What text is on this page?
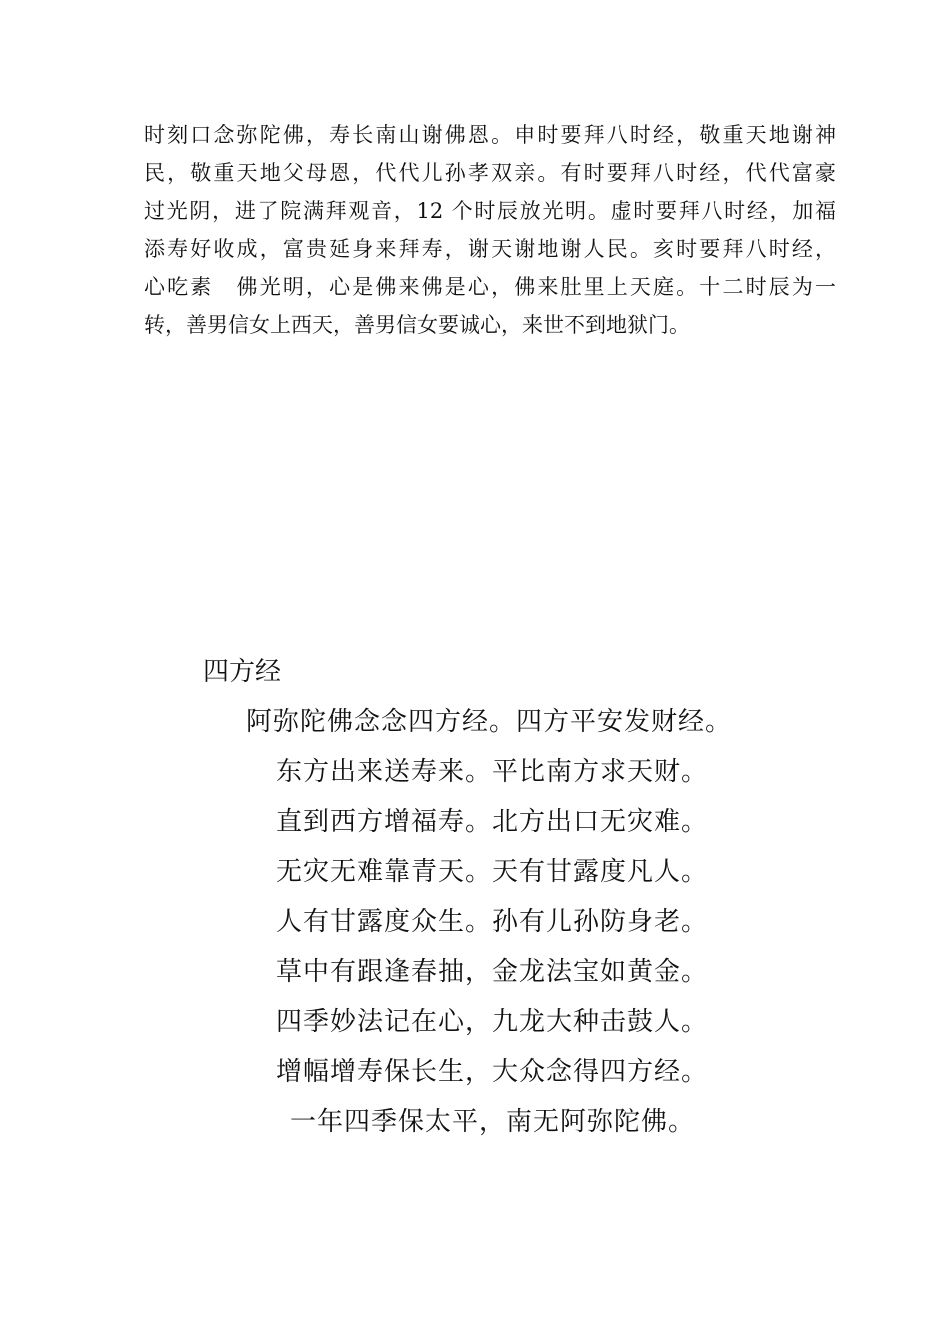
时刻口念弥陀佛，寿长南山谢佛恩。申时要拜八时经，敬重天地谢神
民，敬重天地父母恩，代代儿孙孝双亲。有时要拜八时经，代代富豪
过光阴，进了院满拜观音，12 个时辰放光明。虚时要拜八时经，加福
添寿好收成，富贵延身来拜寿，谢天谢地谢人民。亥时要拜八时经，
心吃素　佛光明，心是佛来佛是心，佛来肚里上天庭。十二时辰为一
转，善男信女上西天，善男信女要诚心，来世不到地狱门。
四方经
阿弥陀佛念念四方经。四方平安发财经。
东方出来送寿来。平比南方求天财。
直到西方增福寿。北方出口无灾难。
无灾无难靠青天。天有甘露度凡人。
人有甘露度众生。孙有儿孙防身老。
草中有跟逢春抽，金龙法宝如黄金。
四季妙法记在心，九龙大种击鼓人。
增幅增寿保长生，大众念得四方经。
一年四季保太平，南无阿弥陀佛。
